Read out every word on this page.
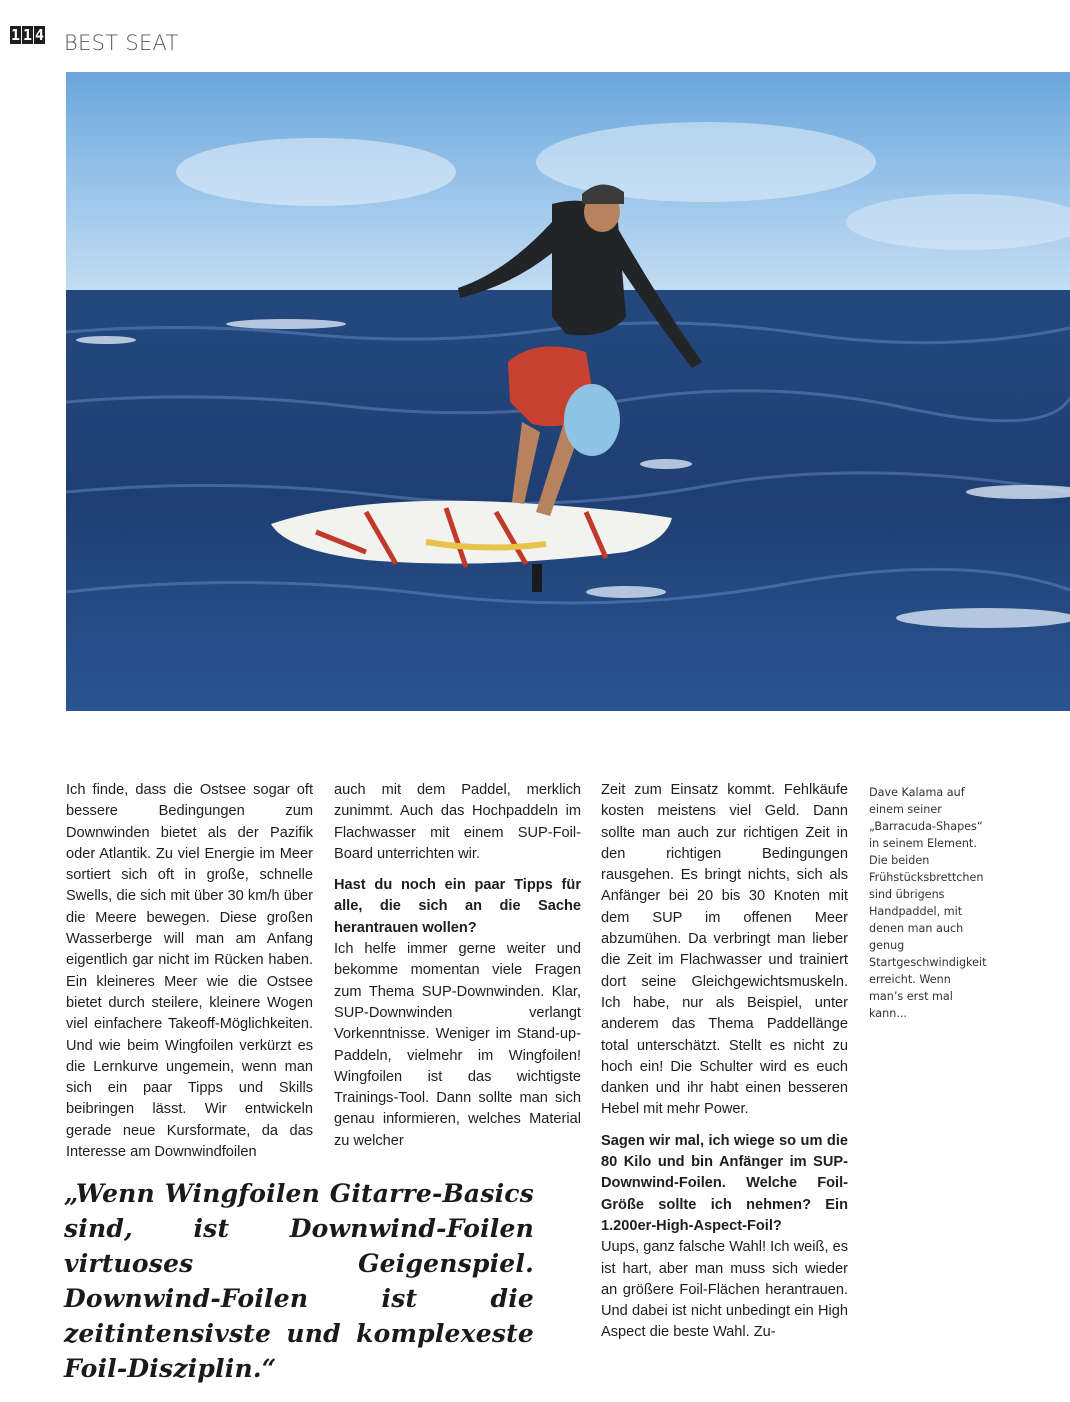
1 1 4 BEST SEAT

Ich finde, dass die Ostsee sogar oft bessere Bedingungen zum Downwinden bietet als der Pazifik oder Atlantik. Zu viel Energie im Meer sortiert sich oft in große, schnelle Swells, die sich mit über 30 km/h über die Meere bewegen. Diese großen Wasserberge will man am Anfang eigentlich gar nicht im Rücken haben. Ein kleineres Meer wie die Ostsee bietet durch steilere, kleinere Wogen viel einfachere Takeoff-Möglichkeiten. Und wie beim Wingfoilen verkürzt es die Lernkurve ungemein, wenn man sich ein paar Tipps und Skills beibringen lässt. Wir entwickeln gerade neue Kursformate, da das Interesse am Downwindfoilen

auch mit dem Paddel, merklich zunimmt. Auch das Hochpaddeln im Flachwasser mit einem SUP-Foil-Board unterrichten wir.

Hast du noch ein paar Tipps für alle, die sich an die Sache herantrauen wollen?

Ich helfe immer gerne weiter und bekomme momentan viele Fragen zum Thema SUP-Downwinden. Klar, SUP-Downwinden verlangt Vorkenntnisse. Weniger im Stand-up-Paddeln, vielmehr im Wingfoilen! Wingfoilen ist das wichtigste Trainings-Tool. Dann sollte man sich genau informieren, welches Material zu welcher

Zeit zum Einsatz kommt. Fehlkäufe kosten meistens viel Geld. Dann sollte man auch zur richtigen Zeit in den richtigen Bedingungen rausgehen. Es bringt nichts, sich als Anfänger bei 20 bis 30 Knoten mit dem SUP im offenen Meer abzumühen. Da verbringt man lieber die Zeit im Flachwasser und trainiert dort seine Gleichgewichtsmuskeln. Ich habe, nur als Beispiel, unter anderem das Thema Paddellänge total unterschätzt. Stellt es nicht zu hoch ein! Die Schulter wird es euch danken und ihr habt einen besseren Hebel mit mehr Power.

Sagen wir mal, ich wiege so um die 80 Kilo und bin Anfänger im SUP-Downwind-Foilen. Welche Foil-Größe sollte ich nehmen? Ein 1.200er-High-Aspect-Foil?

Uups, ganz falsche Wahl! Ich weiß, es ist hart, aber man muss sich wieder an größere Foil-Flächen herantrauen. Und dabei ist nicht unbedingt ein High Aspect die beste Wahl. Zu-

Dave Kalama auf einem seiner „Barracuda-Shapes“ in seinem Element. Die beiden Frühstücksbrettchen sind übrigens Handpaddel, mit denen man auch genug Startgeschwindigkeit erreicht. Wenn man’s erst mal kann...
„Wenn Wingfoilen Gitarre-Basics sind, ist Downwind-Foilen virtuoses Geigenspiel. Downwind-Foilen ist die zeitintensivste und komplexeste Foil-Disziplin.“
